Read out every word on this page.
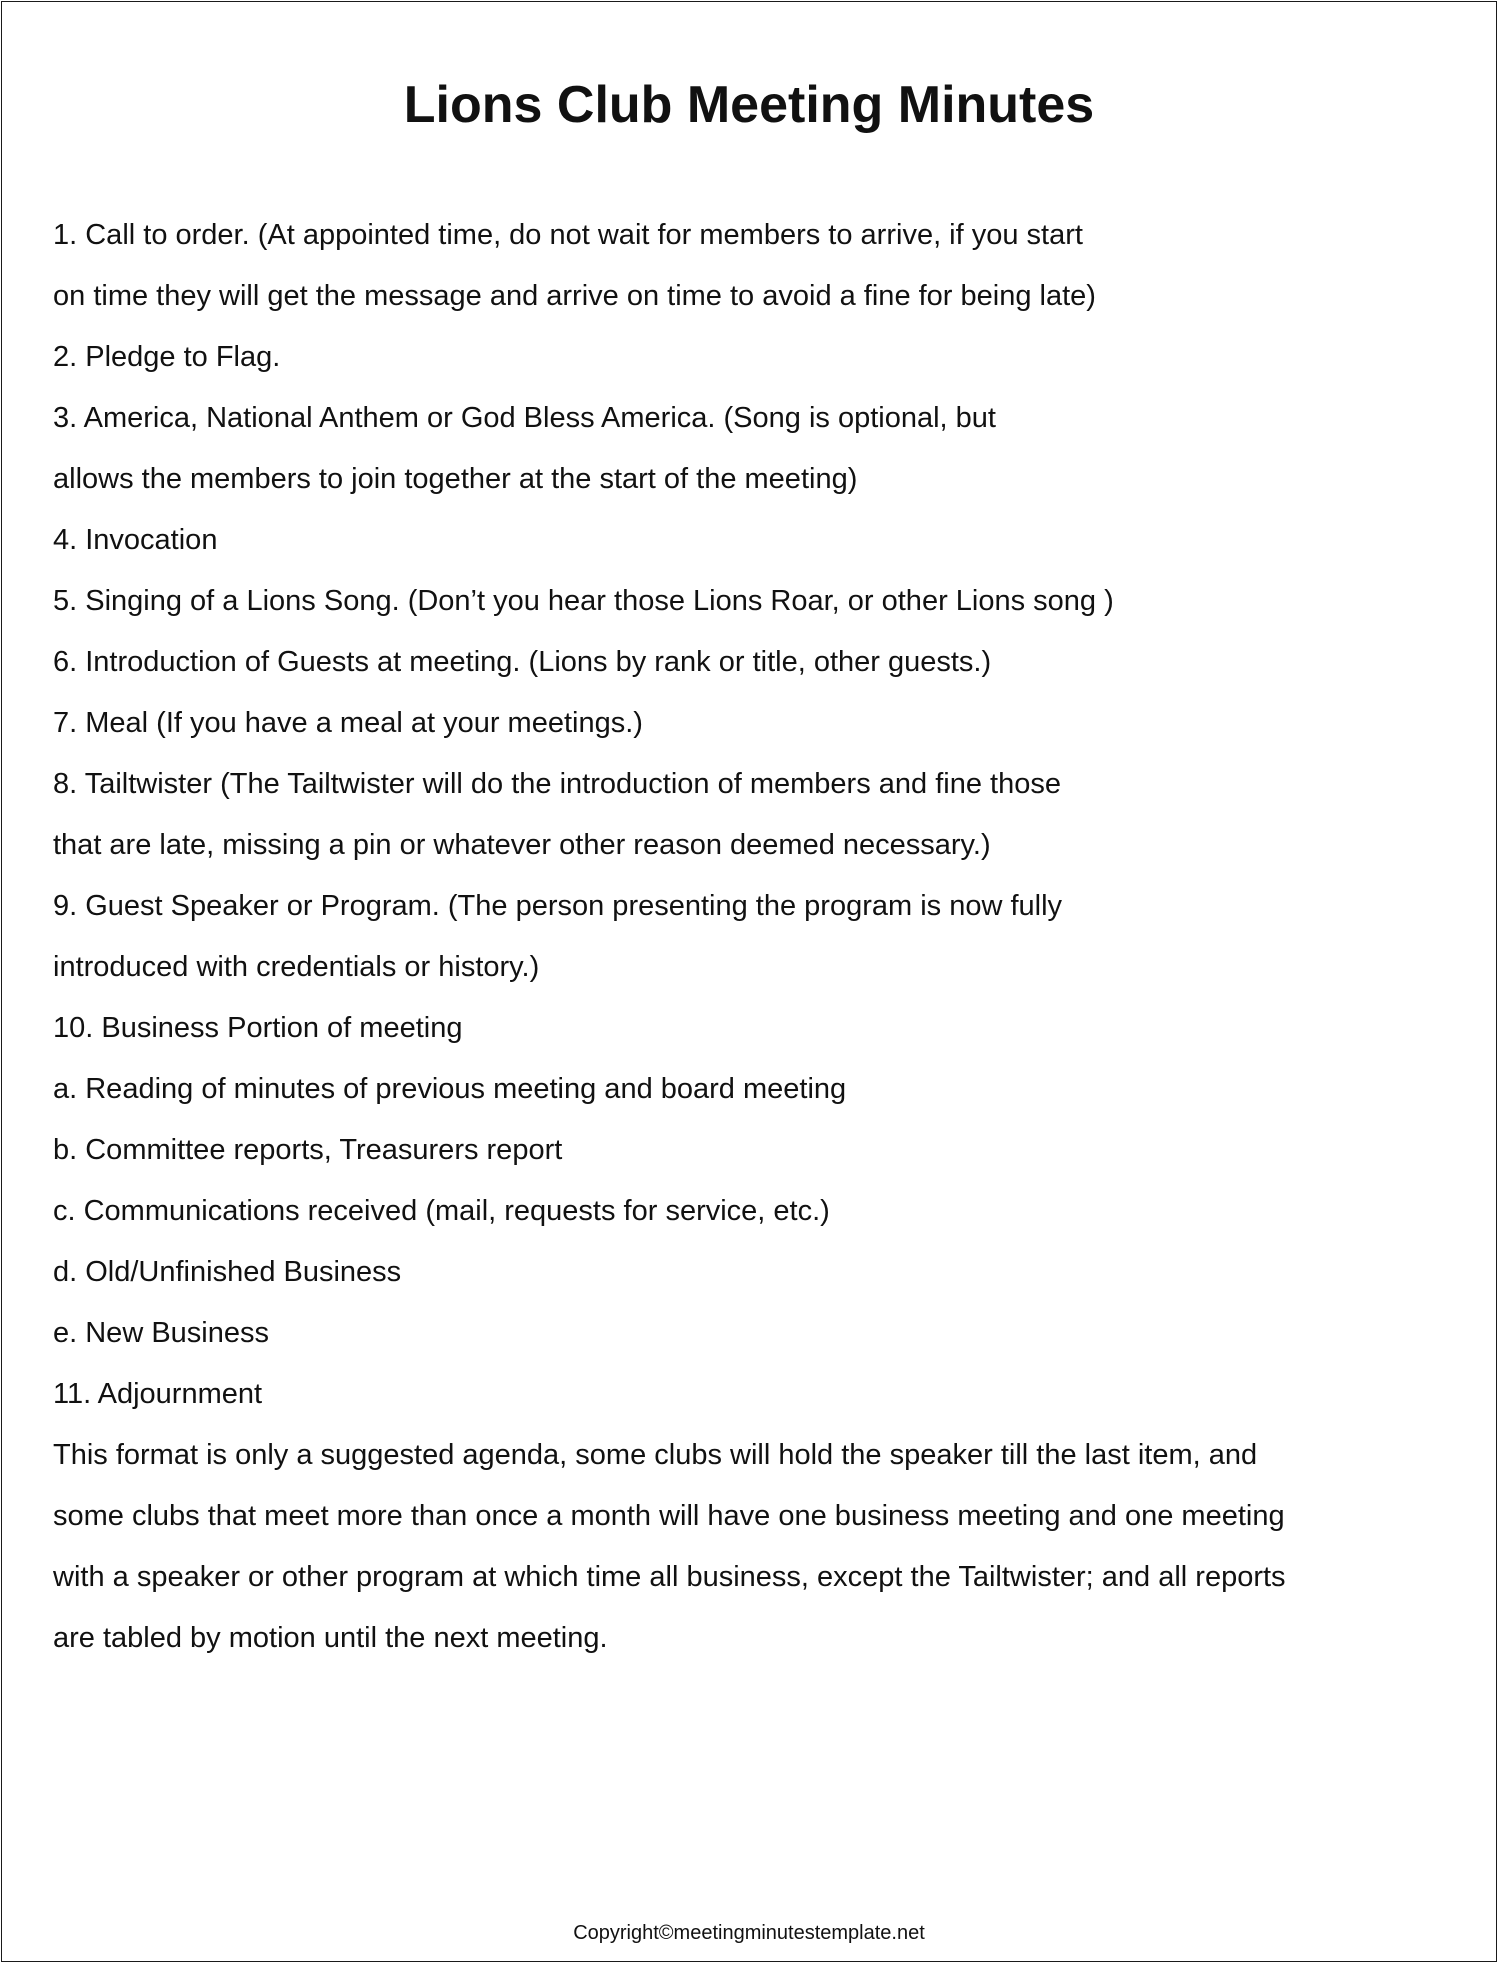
Lions Club Meeting Minutes
1. Call to order. (At appointed time, do not wait for members to arrive, if you start
on time they will get the message and arrive on time to avoid a fine for being late)
2. Pledge to Flag.
3. America, National Anthem or God Bless America. (Song is optional, but
allows the members to join together at the start of the meeting)
4. Invocation
5. Singing of a Lions Song. (Don’t you hear those Lions Roar, or other Lions song )
6. Introduction of Guests at meeting. (Lions by rank or title, other guests.)
7. Meal (If you have a meal at your meetings.)
8. Tailtwister (The Tailtwister will do the introduction of members and fine those
that are late, missing a pin or whatever other reason deemed necessary.)
9. Guest Speaker or Program. (The person presenting the program is now fully
introduced with credentials or history.)
10. Business Portion of meeting
a. Reading of minutes of previous meeting and board meeting
b. Committee reports, Treasurers report
c. Communications received (mail, requests for service, etc.)
d. Old/Unfinished Business
e. New Business
11. Adjournment
This format is only a suggested agenda, some clubs will hold the speaker till the last item, and
some clubs that meet more than once a month will have one business meeting and one meeting
with a speaker or other program at which time all business, except the Tailtwister; and all reports
are tabled by motion until the next meeting.
Copyright©meetingminutestemplate.net
